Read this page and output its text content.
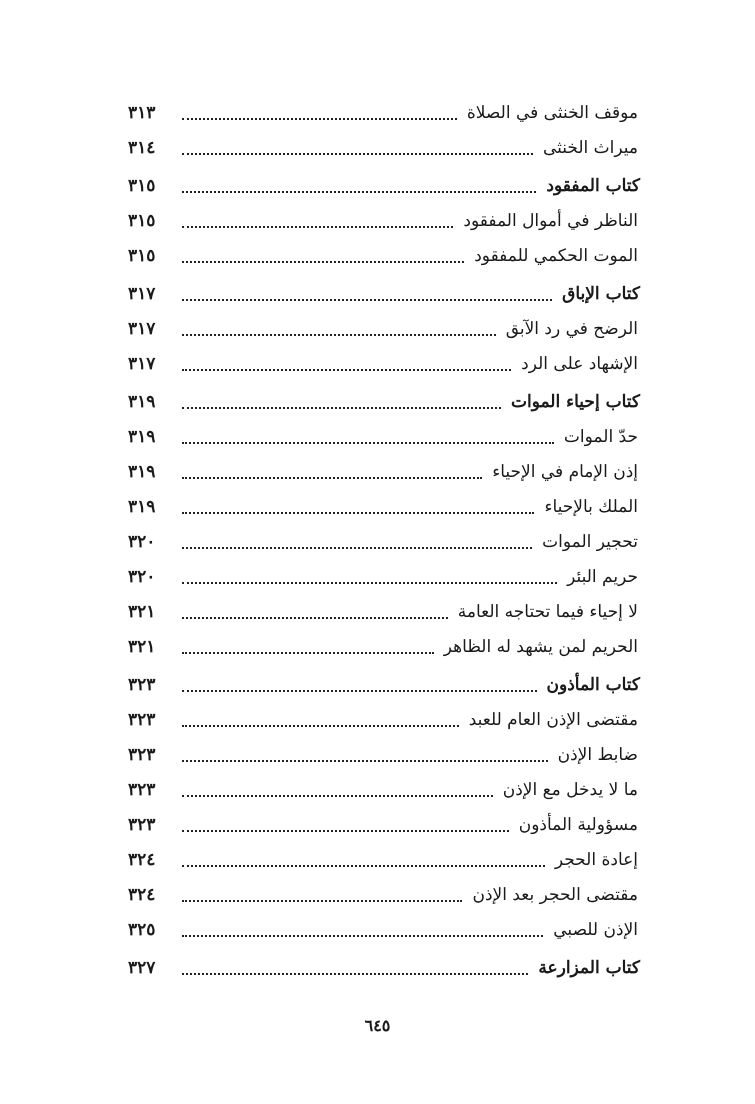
موقف الخنثى في الصلاة
٣١٣
ميراث الخنثى
٣١٤
كتاب المفقود
٣١٥
الناظر في أموال المفقود
٣١٥
الموت الحكمي للمفقود
٣١٥
كتاب الإباق
٣١٧
الرضح في رد الآبق
٣١٧
الإشهاد على الرد
٣١٧
كتاب إحياء الموات
٣١٩
حدّ الموات
٣١٩
إذن الإمام في الإحياء
٣١٩
الملك بالإحياء
٣١٩
تحجير الموات
٣٢٠
حريم البئر
٣٢٠
لا إحياء فيما تحتاجه العامة
٣٢١
الحريم لمن يشهد له الظاهر
٣٢١
كتاب المأذون
٣٢٣
مقتضى الإذن العام للعبد
٣٢٣
ضابط الإذن
٣٢٣
ما لا يدخل مع الإذن
٣٢٣
مسؤولية المأذون
٣٢٣
إعادة الحجر
٣٢٤
مقتضى الحجر بعد الإذن
٣٢٤
الإذن للصبي
٣٢٥
كتاب المزارعة
٣٢٧
٦٤٥
